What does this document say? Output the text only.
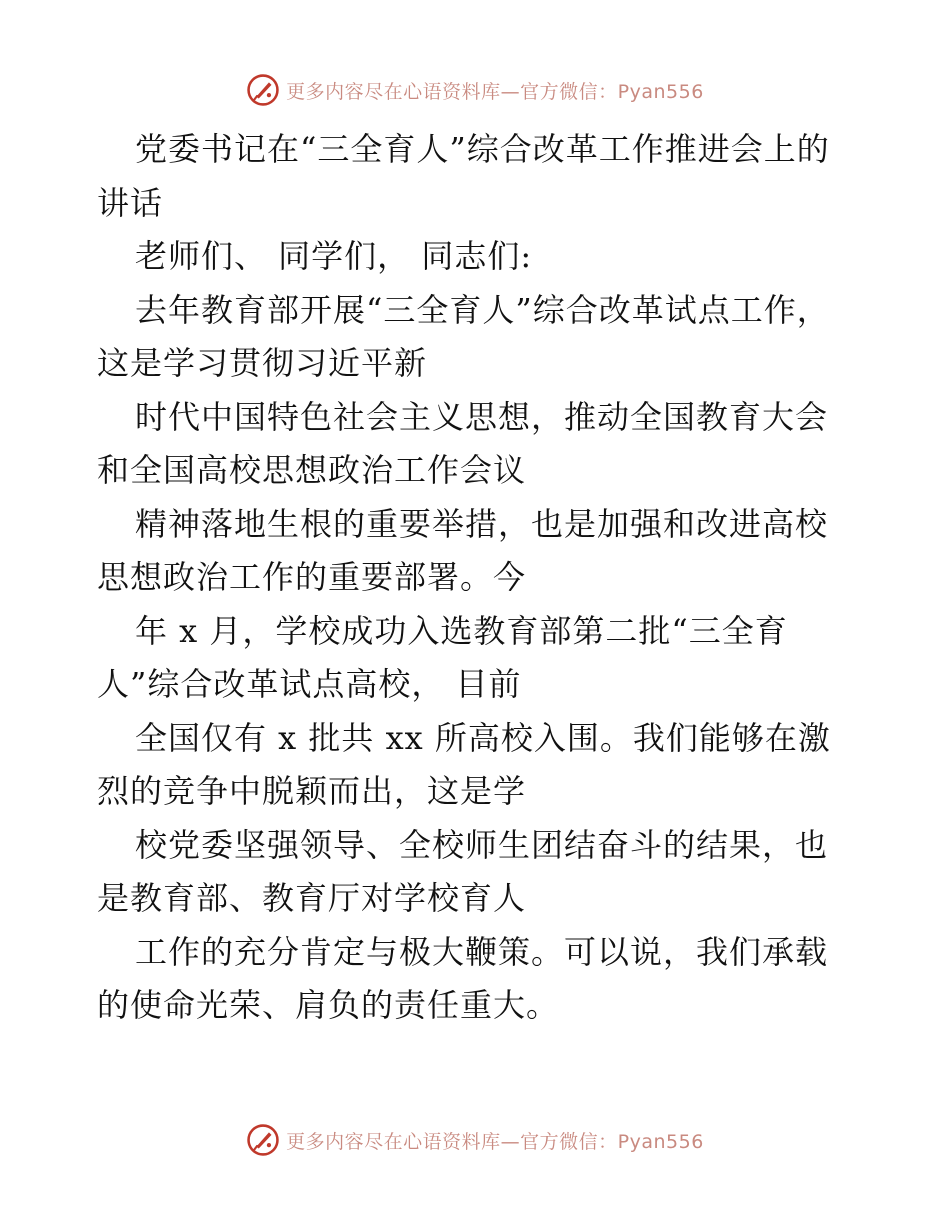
更多内容尽在心语资料库—官方微信：Pyan556

党委书记在“三全育人”综合改革工作推进会上的讲话

老师们、 同学们， 同志们:

去年教育部开展“三全育人”综合改革试点工作，这是学习贯彻习近平新

时代中国特色社会主义思想，推动全国教育大会和全国高校思想政治工作会议

精神落地生根的重要举措，也是加强和改进高校思想政治工作的重要部署。今

年 x 月，学校成功入选教育部第二批“三全育人”综合改革试点高校， 目前

全国仅有 x 批共 xx 所高校入围。我们能够在激烈的竞争中脱颖而出，这是学

校党委坚强领导、全校师生团结奋斗的结果，也是教育部、教育厅对学校育人

工作的充分肯定与极大鞭策。可以说，我们承载的使命光荣、肩负的责任重大。

更多内容尽在心语资料库—官方微信：Pyan556
